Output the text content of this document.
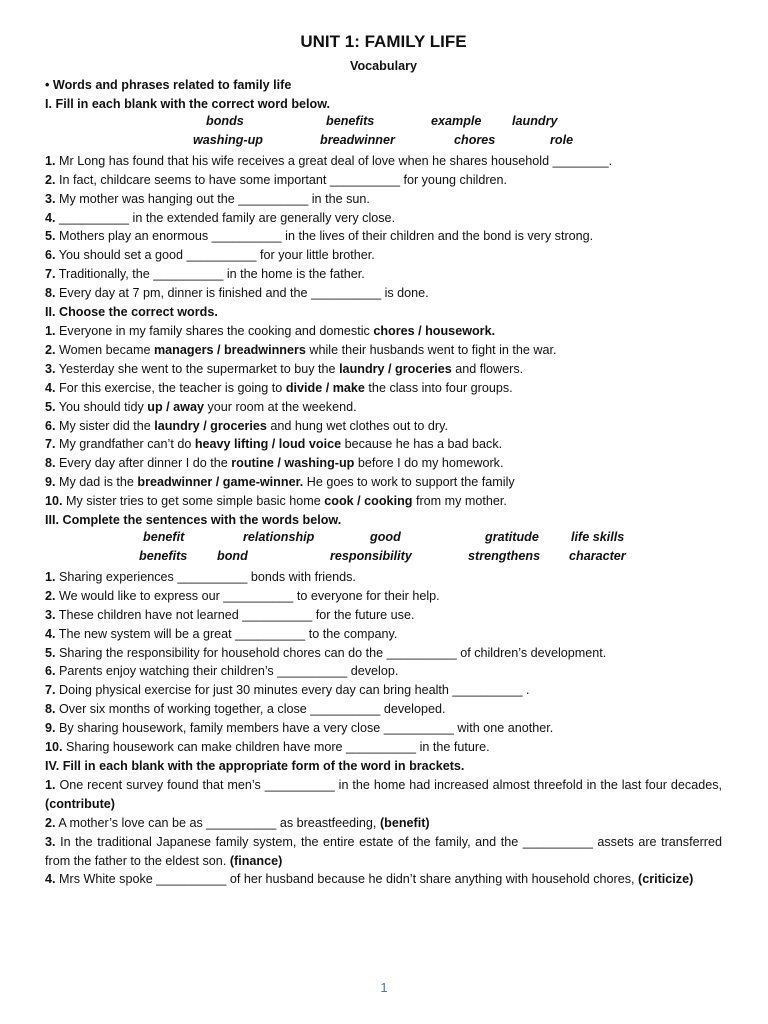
UNIT 1: FAMILY LIFE
Vocabulary
• Words and phrases related to family life
I. Fill in each blank with the correct word below.
bonds	benefits	example laundry
washing-up	breadwinner	chores	role
1. Mr Long has found that his wife receives a great deal of love when he shares household ________.
2. In fact, childcare seems to have some important __________ for young children.
3. My mother was hanging out the __________ in the sun.
4. __________ in the extended family are generally very close.
5. Mothers play an enormous __________ in the lives of their children and the bond is very strong.
6. You should set a good __________ for your little brother.
7. Traditionally, the __________ in the home is the father.
8. Every day at 7 pm, dinner is finished and the __________ is done.
II. Choose the correct words.
1. Everyone in my family shares the cooking and domestic chores / housework.
2. Women became managers / breadwinners while their husbands went to fight in the war.
3. Yesterday she went to the supermarket to buy the laundry / groceries and flowers.
4. For this exercise, the teacher is going to divide / make the class into four groups.
5. You should tidy up / away your room at the weekend.
6. My sister did the laundry / groceries and hung wet clothes out to dry.
7. My grandfather can’t do heavy lifting / loud voice because he has a bad back.
8. Every day after dinner I do the routine / washing-up before I do my homework.
9. My dad is the breadwinner / game-winner. He goes to work to support the family
10. My sister tries to get some simple basic home cook / cooking from my mother.
III. Complete the sentences with the words below.
benefit	relationship	good	gratitude	life skills
benefits bond	responsibility	strengthens character
1. Sharing experiences __________ bonds with friends.
2. We would like to express our __________ to everyone for their help.
3. These children have not learned __________ for the future use.
4. The new system will be a great __________ to the company.
5. Sharing the responsibility for household chores can do the __________ of children’s development.
6. Parents enjoy watching their children’s __________ develop.
7. Doing physical exercise for just 30 minutes every day can bring health __________ .
8. Over six months of working together, a close __________ developed.
9. By sharing housework, family members have a very close __________ with one another.
10. Sharing housework can make children have more __________ in the future.
IV. Fill in each blank with the appropriate form of the word in brackets.
1. One recent survey found that men’s __________ in the home had increased almost threefold in the last four decades, (contribute)
2. A mother’s love can be as __________ as breastfeeding, (benefit)
3. In the traditional Japanese family system, the entire estate of the family, and the __________ assets are transferred from the father to the eldest son. (finance)
4. Mrs White spoke __________ of her husband because he didn’t share anything with household chores, (criticize)
1
